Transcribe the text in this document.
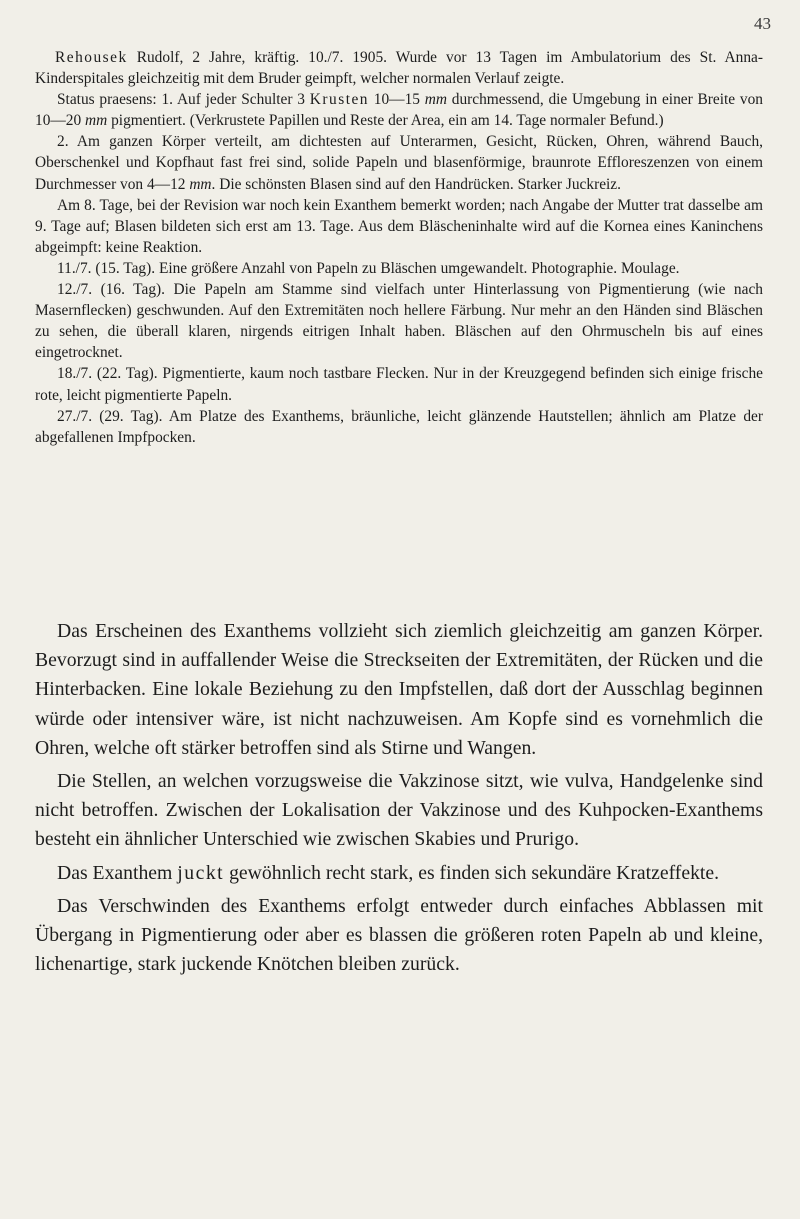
43

Rehousek Rudolf, 2 Jahre, kräftig. 10./7. 1905. Wurde vor 13 Tagen im Ambulatorium des St. Anna-Kinderspitales gleichzeitig mit dem Bruder geimpft, welcher normalen Verlauf zeigte.

Status praesens: 1. Auf jeder Schulter 3 Krusten 10—15 mm durchmessend, die Umgebung in einer Breite von 10—20 mm pigmentiert. (Verkrustete Papillen und Reste der Area, ein am 14. Tage normaler Befund.)

2. Am ganzen Körper verteilt, am dichtesten auf Unterarmen, Gesicht, Rücken, Ohren, während Bauch, Oberschenkel und Kopfhaut fast frei sind, solide Papeln und blasenförmige, braunrote Effloreszenzen von einem Durchmesser von 4—12 mm. Die schönsten Blasen sind auf den Handrücken. Starker Juckreiz.

Am 8. Tage, bei der Revision war noch kein Exanthem bemerkt worden; nach Angabe der Mutter trat dasselbe am 9. Tage auf; Blasen bildeten sich erst am 13. Tage. Aus dem Bläscheninhalte wird auf die Kornea eines Kaninchens abgeimpft: keine Reaktion.

11./7. (15. Tag). Eine größere Anzahl von Papeln zu Bläschen umgewandelt. Photographie. Moulage.

12./7. (16. Tag). Die Papeln am Stamme sind vielfach unter Hinterlassung von Pigmentierung (wie nach Masernflecken) geschwunden. Auf den Extremitäten noch hellere Färbung. Nur mehr an den Händen sind Bläschen zu sehen, die überall klaren, nirgends eitrigen Inhalt haben. Bläschen auf den Ohrmuscheln bis auf eines eingetrocknet.

18./7. (22. Tag). Pigmentierte, kaum noch tastbare Flecken. Nur in der Kreuzgegend befinden sich einige frische rote, leicht pigmentierte Papeln.

27./7. (29. Tag). Am Platze des Exanthems, bräunliche, leicht glänzende Hautstellen; ähnlich am Platze der abgefallenen Impfpocken.

Das Erscheinen des Exanthems vollzieht sich ziemlich gleichzeitig am ganzen Körper. Bevorzugt sind in auffallender Weise die Streckseiten der Extremitäten, der Rücken und die Hinterbacken. Eine lokale Beziehung zu den Impfstellen, daß dort der Ausschlag beginnen würde oder intensiver wäre, ist nicht nachzuweisen. Am Kopfe sind es vornehmlich die Ohren, welche oft stärker betroffen sind als Stirne und Wangen.

Die Stellen, an welchen vorzugsweise die Vakzinose sitzt, wie vulva, Handgelenke sind nicht betroffen. Zwischen der Lokalisation der Vakzinose und des Kuhpocken-Exanthems besteht ein ähnlicher Unterschied wie zwischen Skabies und Prurigo.

Das Exanthem juckt gewöhnlich recht stark, es finden sich sekundäre Kratzeffekte.

Das Verschwinden des Exanthems erfolgt entweder durch einfaches Abblassen mit Übergang in Pigmentierung oder aber es blassen die größeren roten Papeln ab und kleine, lichenartige, stark juckende Knötchen bleiben zurück.
